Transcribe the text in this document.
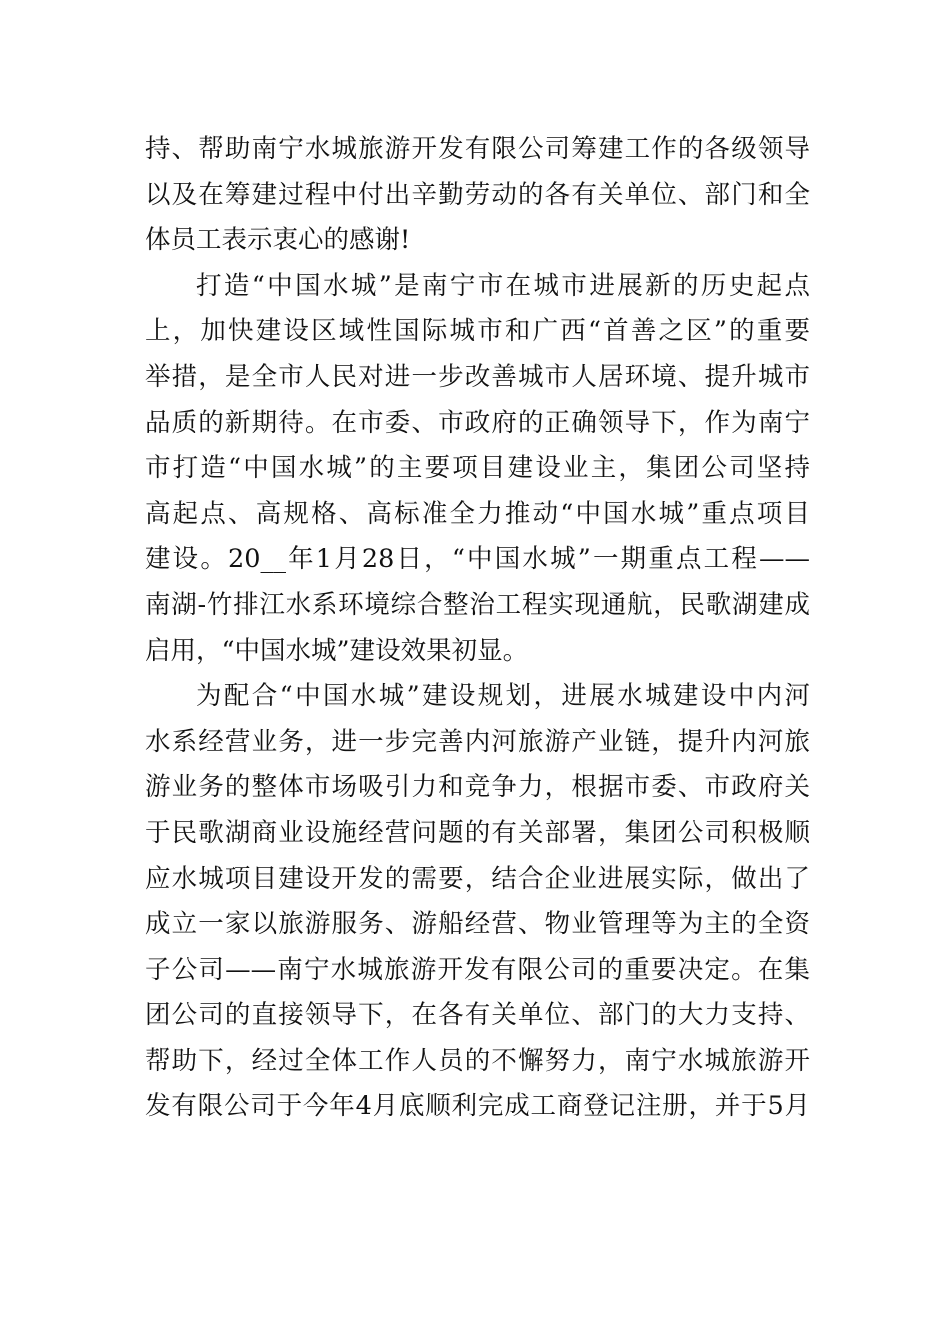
持、帮助南宁水城旅游开发有限公司筹建工作的各级领导
以及在筹建过程中付出辛勤劳动的各有关单位、部门和全
体员工表示衷心的感谢!
打造“中国水城”是南宁市在城市进展新的历史起点
上，加快建设区域性国际城市和广西“首善之区”的重要
举措，是全市人民对进一步改善城市人居环境、提升城市
品质的新期待。在市委、市政府的正确领导下，作为南宁
市打造“中国水城”的主要项目建设业主，集团公司坚持
高起点、高规格、高标准全力推动“中国水城”重点项目
建设。20__年1月28日，“中国水城”一期重点工程——
南湖-竹排江水系环境综合整治工程实现通航，民歌湖建成
启用，“中国水城”建设效果初显。
为配合“中国水城”建设规划，进展水城建设中内河
水系经营业务，进一步完善内河旅游产业链，提升内河旅
游业务的整体市场吸引力和竞争力，根据市委、市政府关
于民歌湖商业设施经营问题的有关部署，集团公司积极顺
应水城项目建设开发的需要，结合企业进展实际，做出了
成立一家以旅游服务、游船经营、物业管理等为主的全资
子公司——南宁水城旅游开发有限公司的重要决定。在集
团公司的直接领导下，在各有关单位、部门的大力支持、
帮助下，经过全体工作人员的不懈努力，南宁水城旅游开
发有限公司于今年4月底顺利完成工商登记注册，并于5月
